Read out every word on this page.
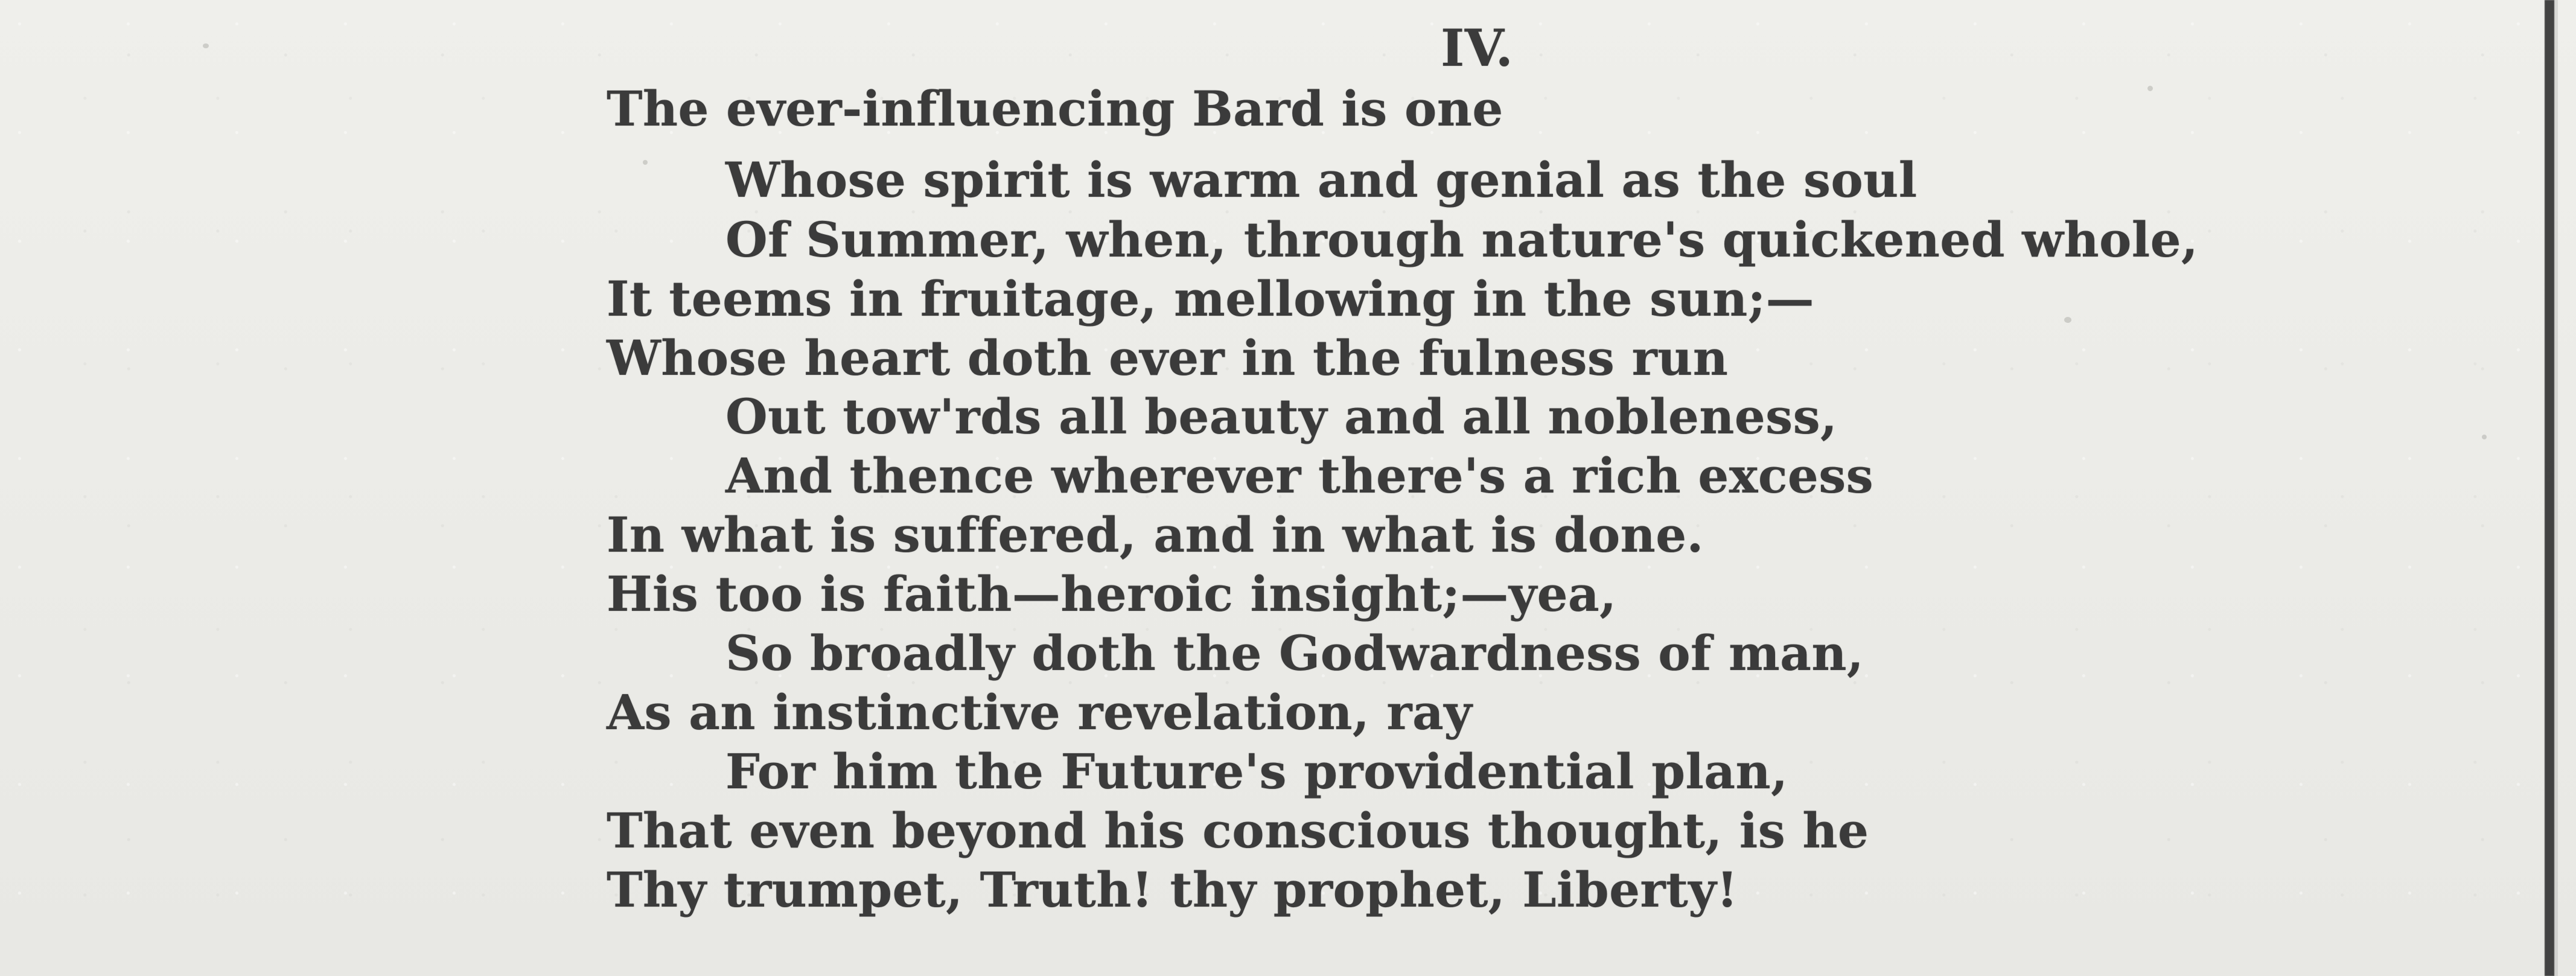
IV.
The ever-influencing Bard is one
Whose spirit is warm and genial as the soul
Of Summer, when, through nature's quickened whole,
It teems in fruitage, mellowing in the sun;—
Whose heart doth ever in the fulness run
Out tow'rds all beauty and all nobleness,
And thence wherever there's a rich excess
In what is suffered, and in what is done.
His too is faith—heroic insight;—yea,
So broadly doth the Godwardness of man,
As an instinctive revelation, ray
For him the Future's providential plan,
That even beyond his conscious thought, is he
Thy trumpet, Truth! thy prophet, Liberty!
